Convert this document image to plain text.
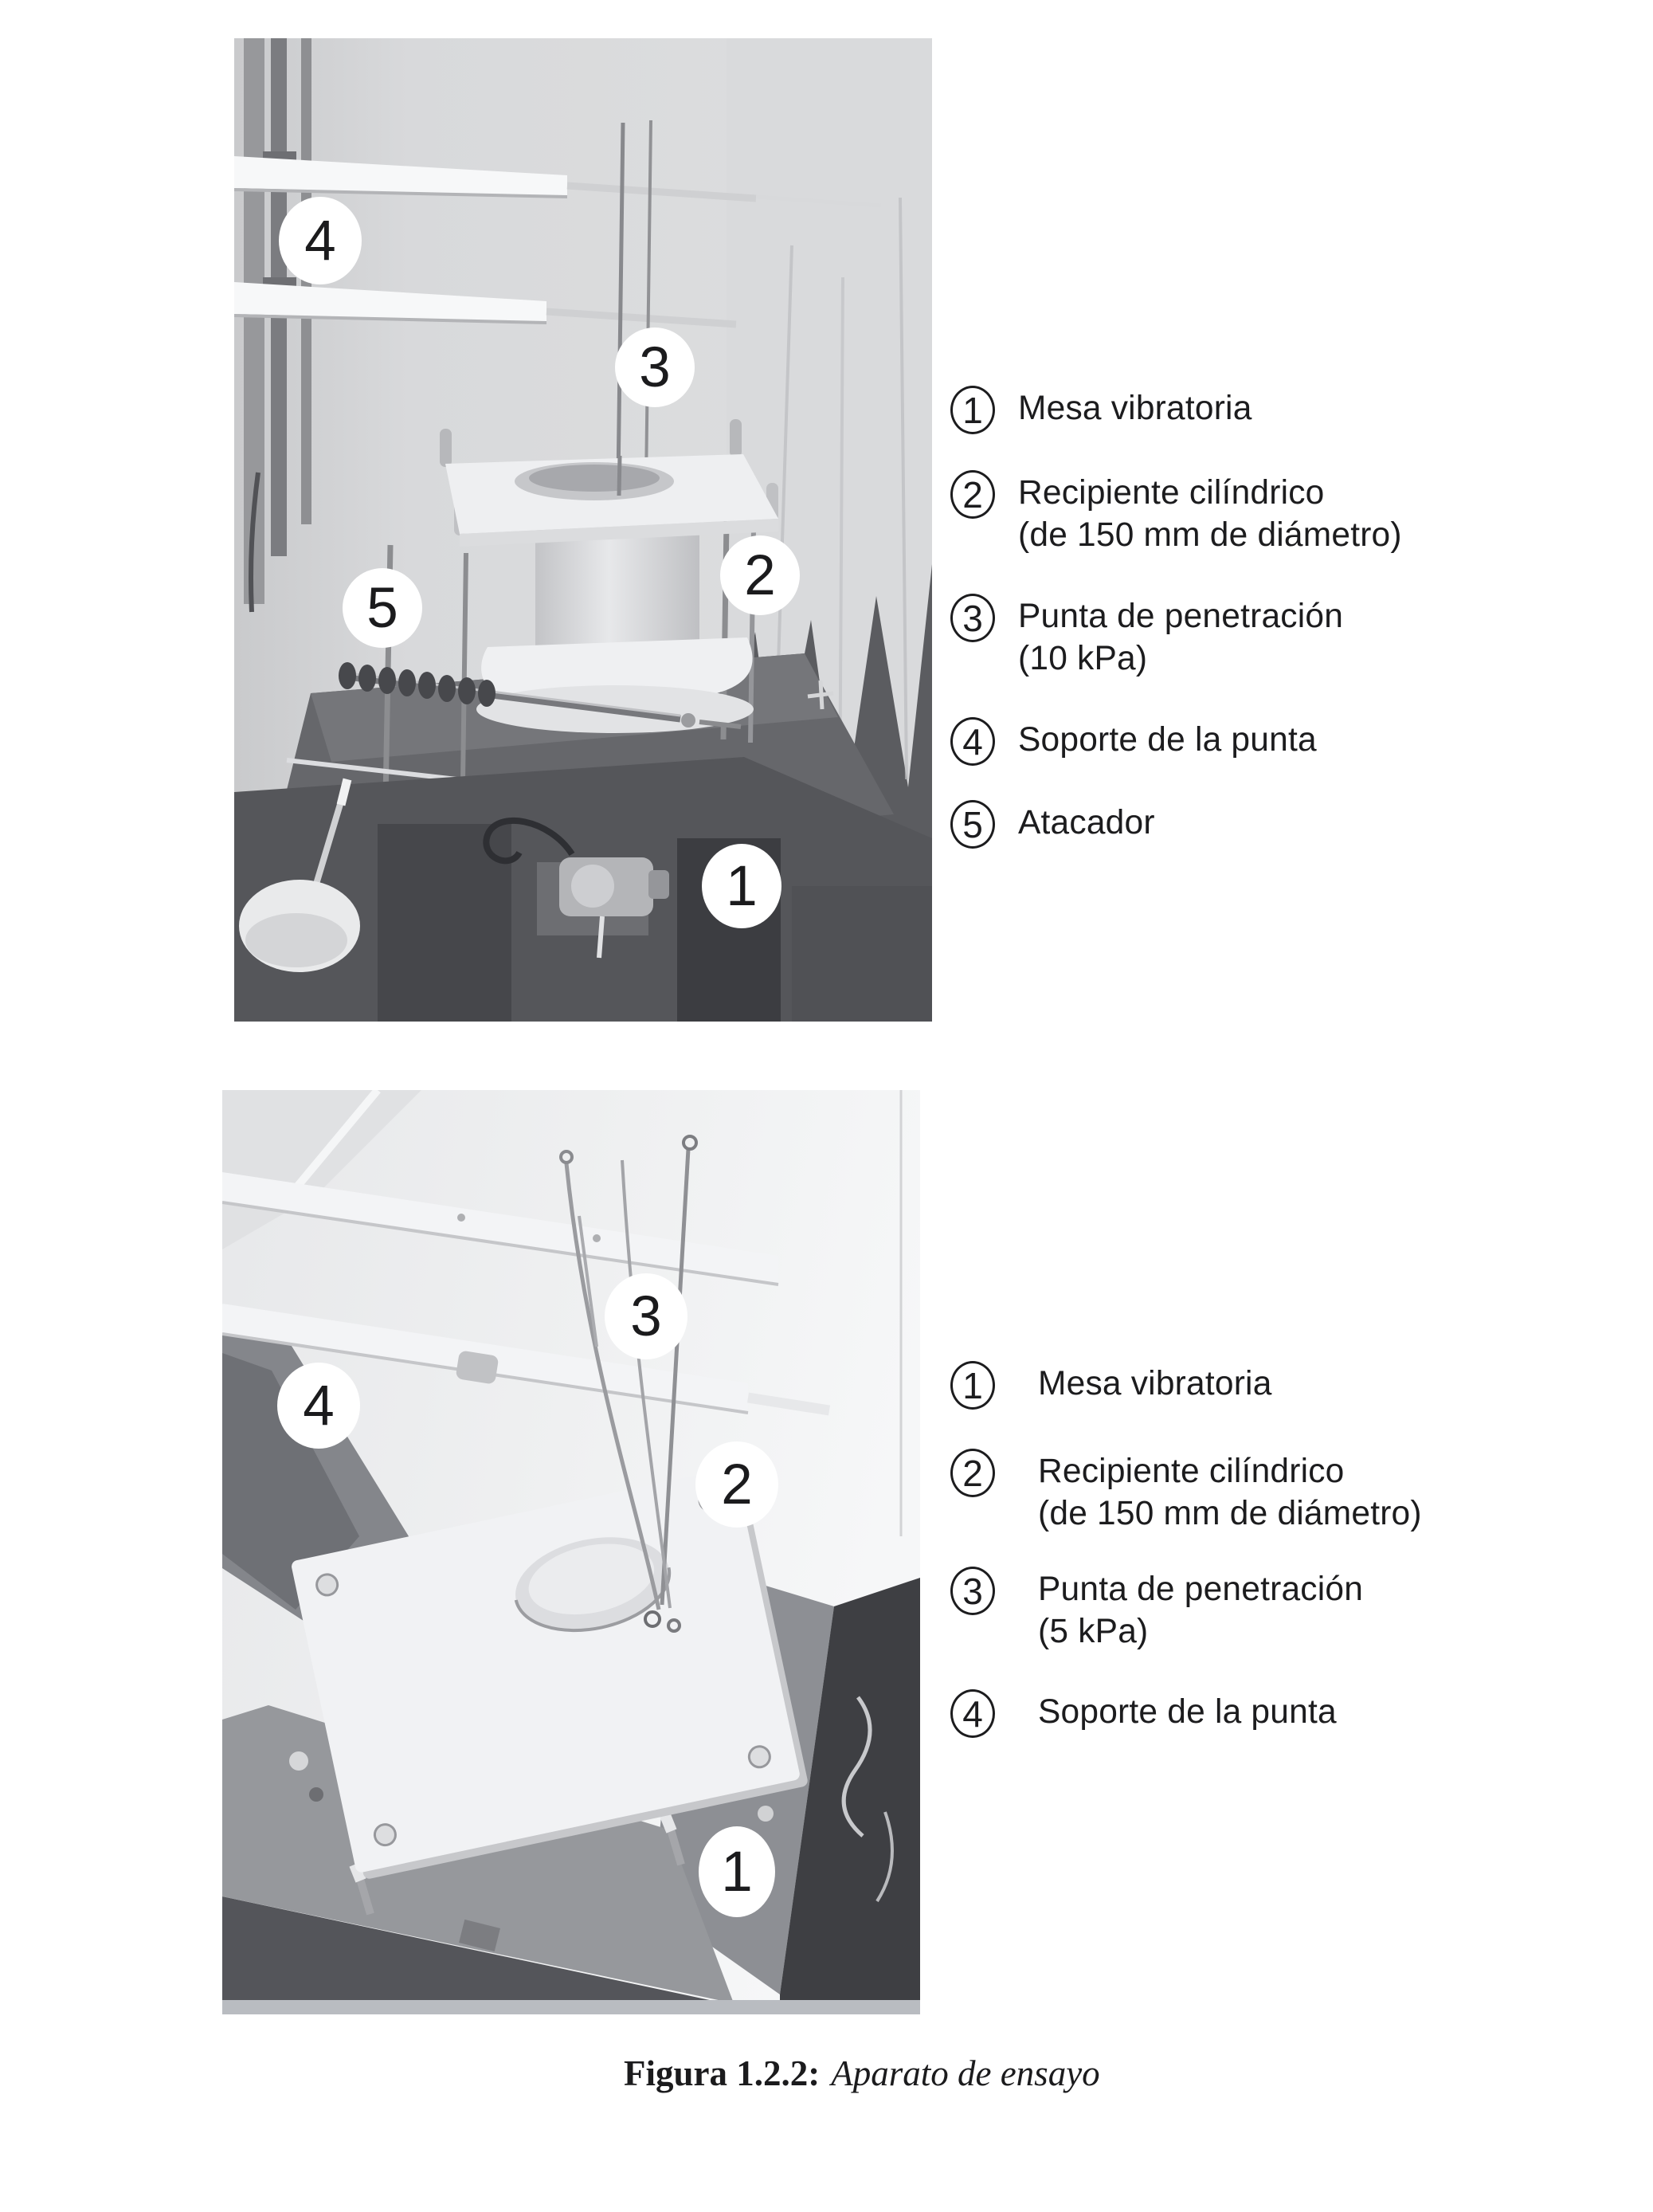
4
3
2
5
1
1	Mesa vibratoria
2	Recipiente cilíndrico
(de 150 mm de diámetro)
3	Punta de penetración
(10 kPa)
4	Soporte de la punta
5	Atacador
3
4
2
1
1	Mesa vibratoria
2	Recipiente cilíndrico
(de 150 mm de diámetro)
3	Punta de penetración
(5 kPa)
4	Soporte de la punta

Figura 1.2.2: Aparato de ensayo
